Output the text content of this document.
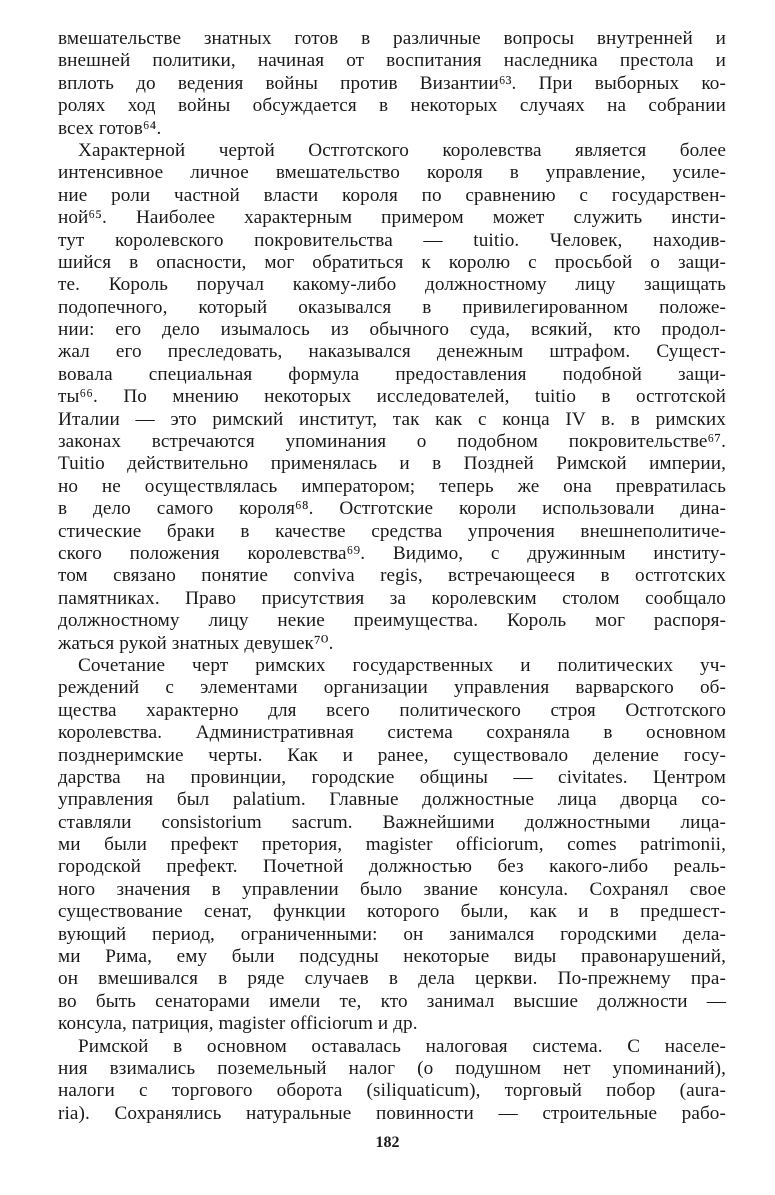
вмешательстве знатных готов в различные вопросы внутренней и
внешней политики, начиная от воспитания наследника престола и
вплоть до ведения войны против Византии⁶³. При выборных ко-
ролях ход войны обсуждается в некоторых случаях на собрании
всех готов⁶⁴.
Характерной чертой Остготского королевства является более
интенсивное личное вмешательство короля в управление, усиле-
ние роли частной власти короля по сравнению с государствен-
ной⁶⁵. Наиболее характерным примером может служить инсти-
тут королевского покровительства — tuitio. Человек, находив-
шийся в опасности, мог обратиться к королю с просьбой о защи-
те. Король поручал какому-либо должностному лицу защищать
подопечного, который оказывался в привилегированном положе-
нии: его дело изымалось из обычного суда, всякий, кто продол-
жал его преследовать, наказывался денежным штрафом. Сущест-
вовала специальная формула предоставления подобной защи-
ты⁶⁶. По мнению некоторых исследователей, tuitio в остготской
Италии — это римский институт, так как с конца IV в. в римских
законах встречаются упоминания о подобном покровительстве⁶⁷.
Tuitio действительно применялась и в Поздней Римской империи,
но не осуществлялась императором; теперь же она превратилась
в дело самого короля⁶⁸. Остготские короли использовали дина-
стические браки в качестве средства упрочения внешнеполитиче-
ского положения королевства⁶⁹. Видимо, с дружинным институ-
том связано понятие conviva regis, встречающееся в остготских
памятниках. Право присутствия за королевским столом сообщало
должностному лицу некие преимущества. Король мог распоря-
жаться рукой знатных девушек⁷⁰.
Сочетание черт римских государственных и политических уч-
реждений с элементами организации управления варварского об-
щества характерно для всего политического строя Остготского
королевства. Административная система сохраняла в основном
позднеримские черты. Как и ранее, существовало деление госу-
дарства на провинции, городские общины — civitates. Центром
управления был palatium. Главные должностные лица дворца со-
ставляли consistorium sacrum. Важнейшими должностными лица-
ми были префект претория, magister officiorum, comes patrimonii,
городской префект. Почетной должностью без какого-либо реаль-
ного значения в управлении было звание консула. Сохранял свое
существование сенат, функции которого были, как и в предшест-
вующий период, ограниченными: он занимался городскими дела-
ми Рима, ему были подсудны некоторые виды правонарушений,
он вмешивался в ряде случаев в дела церкви. По-прежнему пра-
во быть сенаторами имели те, кто занимал высшие должности —
консула, патриция, magister officiorum и др.
Римской в основном оставалась налоговая система. С населе-
ния взимались поземельный налог (о подушном нет упоминаний),
налоги с торгового оборота (siliquaticum), торговый побор (aura-
ria). Сохранялись натуральные повинности — строительные рабо-
182
